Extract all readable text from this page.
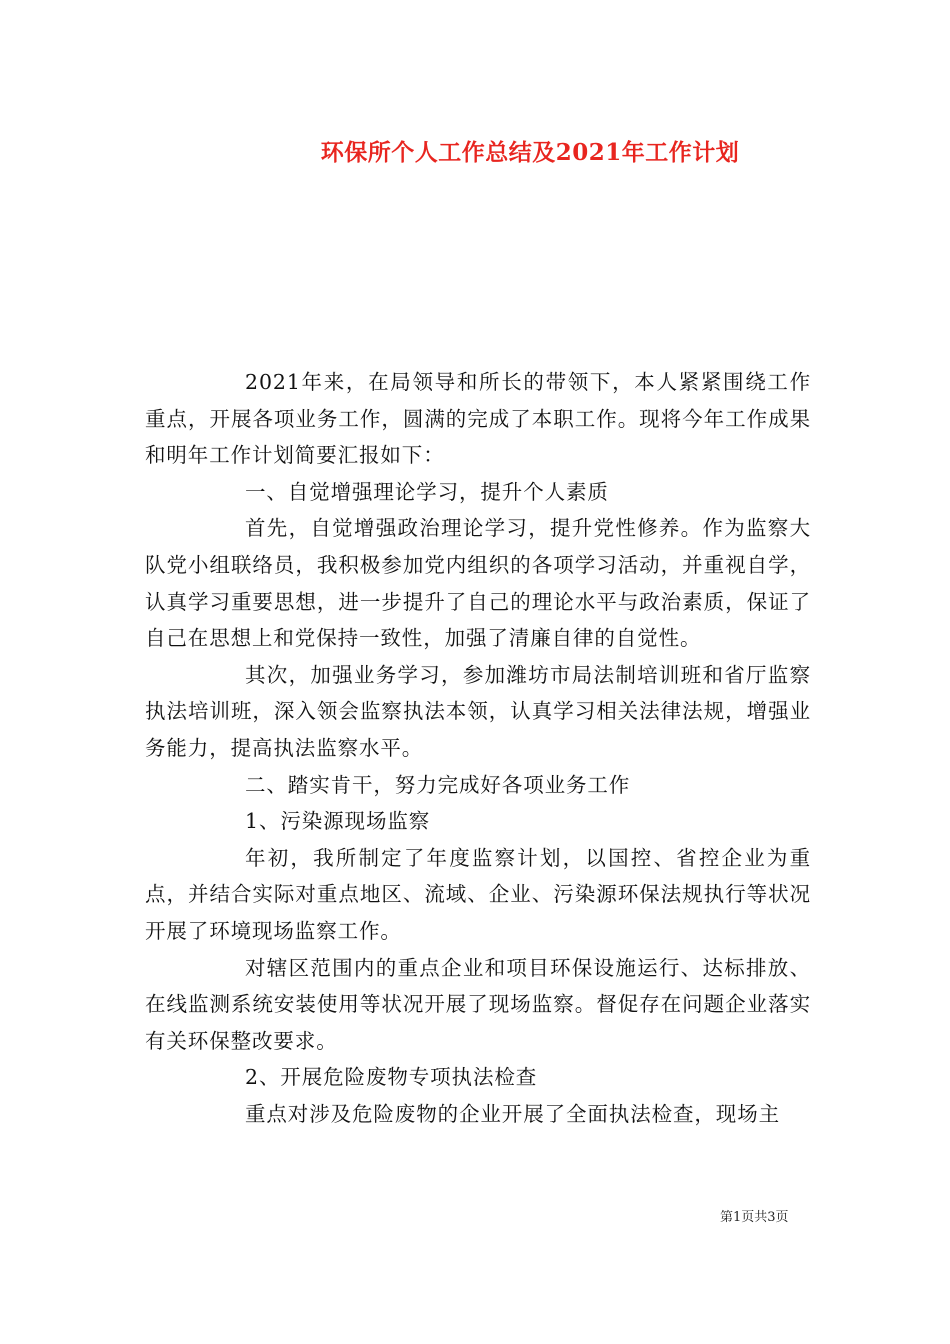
环保所个人工作总结及2021年工作计划

2021年来，在局领导和所长的带领下，本人紧紧围绕工作重点，开展各项业务工作，圆满的完成了本职工作。现将今年工作成果和明年工作计划简要汇报如下：

一、自觉增强理论学习，提升个人素质

首先，自觉增强政治理论学习，提升党性修养。作为监察大队党小组联络员，我积极参加党内组织的各项学习活动，并重视自学，认真学习重要思想，进一步提升了自己的理论水平与政治素质，保证了自己在思想上和党保持一致性，加强了清廉自律的自觉性。

其次，加强业务学习，参加潍坊市局法制培训班和省厅监察执法培训班，深入领会监察执法本领，认真学习相关法律法规，增强业务能力，提高执法监察水平。

二、踏实肯干，努力完成好各项业务工作

1、污染源现场监察

年初，我所制定了年度监察计划，以国控、省控企业为重点，并结合实际对重点地区、流域、企业、污染源环保法规执行等状况开展了环境现场监察工作。

对辖区范围内的重点企业和项目环保设施运行、达标排放、在线监测系统安装使用等状况开展了现场监察。督促存在问题企业落实有关环保整改要求。

2、开展危险废物专项执法检查

重点对涉及危险废物的企业开展了全面执法检查，现场主

第1页共3页
